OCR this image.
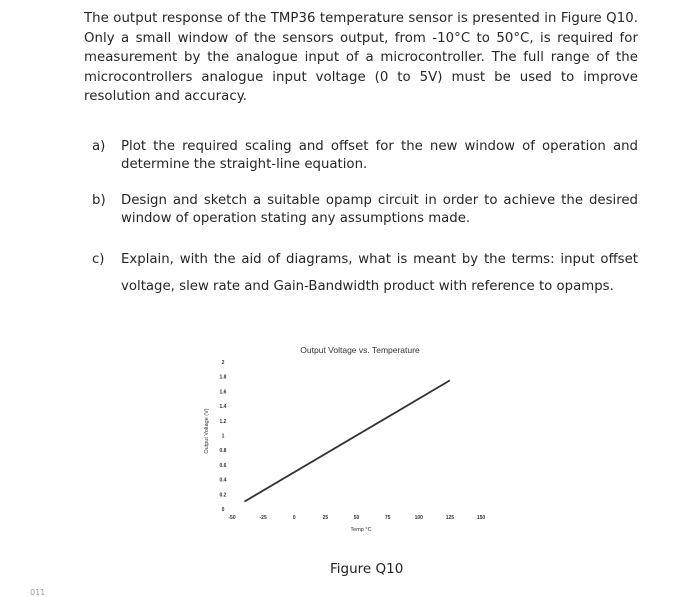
The output response of the TMP36 temperature sensor is presented in Figure Q10. Only a small window of the sensors output, from -10°C to 50°C, is required for measurement by the analogue input of a microcontroller. The full range of the microcontrollers analogue input voltage (0 to 5V) must be used to improve resolution and accuracy.

a)	Plot the required scaling and offset for the new window of operation and determine the straight-line equation.
b)	Design and sketch a suitable opamp circuit in order to achieve the desired window of operation stating any assumptions made.
c)	Explain, with the aid of diagrams, what is meant by the terms: input offset voltage, slew rate and Gain-Bandwidth product with reference to opamps.
Output Voltage vs. Temperature
Temp °C
Output Voltage (V)
0
0.2
0.4
0.6
0.8
1
1.2
1.4
1.6
1.8
2
-50	-25	0	25	50	75	100	125	150
Figure Q10
011
